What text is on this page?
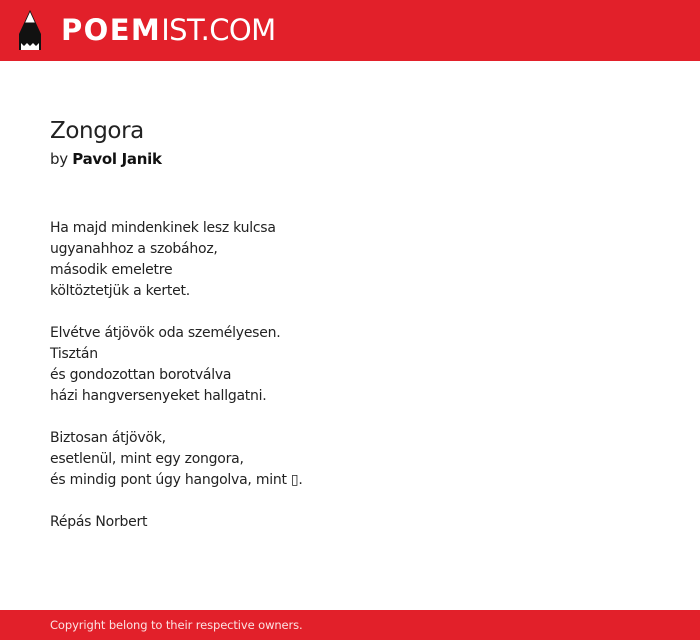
POEMIST.COM
Zongora
by Pavol Janik
Ha majd mindenkinek lesz kulcsa
ugyanahhoz a szobához,
második emeletre
költöztetjük a kertet.
Elvétve átjövök oda személyesen.
Tisztán
és gondozottan borotválva
házi hangversenyeket hallgatni.
Biztosan átjövök,
esetlenül, mint egy zongora,
és mindig pont úgy hangolva, mint ▯.
Répás Norbert
Copyright belong to their respective owners.
